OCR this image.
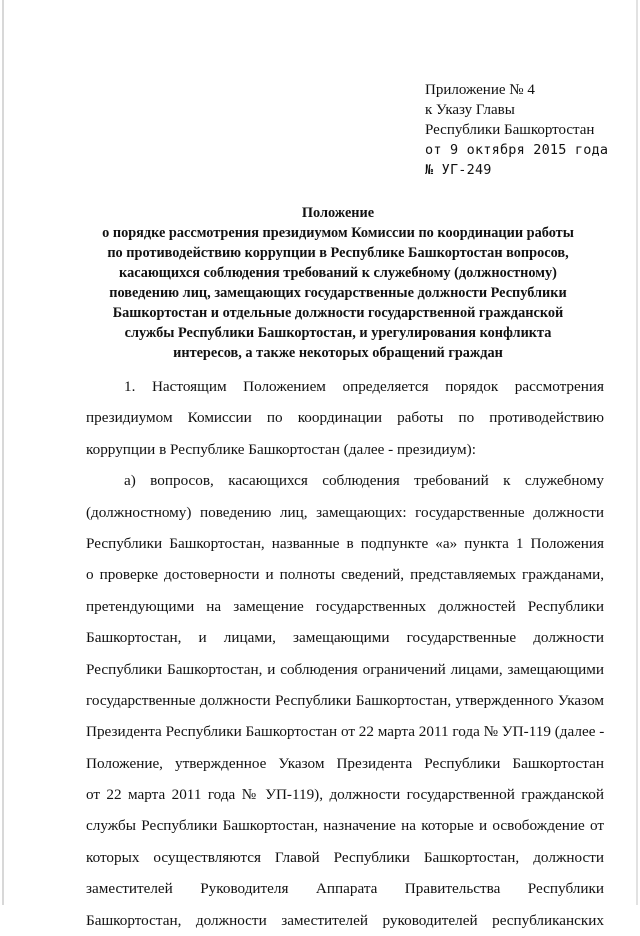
Приложение № 4
к Указу Главы
Республики Башкортостан
от 9 октября 2015 года
№ УГ-249
Положение
о порядке рассмотрения президиумом Комиссии по координации работы
по противодействию коррупции в Республике Башкортостан вопросов,
касающихся соблюдения требований к служебному (должностному)
поведению лиц, замещающих государственные должности Республики
Башкортостан и отдельные должности государственной гражданской
службы Республики Башкортостан, и урегулирования конфликта
интересов, а также некоторых обращений граждан
1. Настоящим Положением определяется порядок рассмотрения
президиумом Комиссии по координации работы по противодействию
коррупции в Республике Башкортостан (далее - президиум):
а) вопросов, касающихся соблюдения требований к служебному
(должностному) поведению лиц, замещающих: государственные должности
Республики Башкортостан, названные в подпункте «а» пункта 1 Положения
о проверке достоверности и полноты сведений, представляемых гражданами,
претендующими на замещение государственных должностей Республики
Башкортостан, и лицами, замещающими государственные должности
Республики Башкортостан, и соблюдения ограничений лицами, замещающими
государственные должности Республики Башкортостан, утвержденного Указом
Президента Республики Башкортостан от 22 марта 2011 года № УП-119 (далее -
Положение, утвержденное Указом Президента Республики Башкортостан
от 22 марта 2011 года № УП-119), должности государственной гражданской
службы Республики Башкортостан, назначение на которые и освобождение от
которых осуществляются Главой Республики Башкортостан, должности
заместителей Руководителя Аппарата Правительства Республики
Башкортостан, должности заместителей руководителей республиканских
